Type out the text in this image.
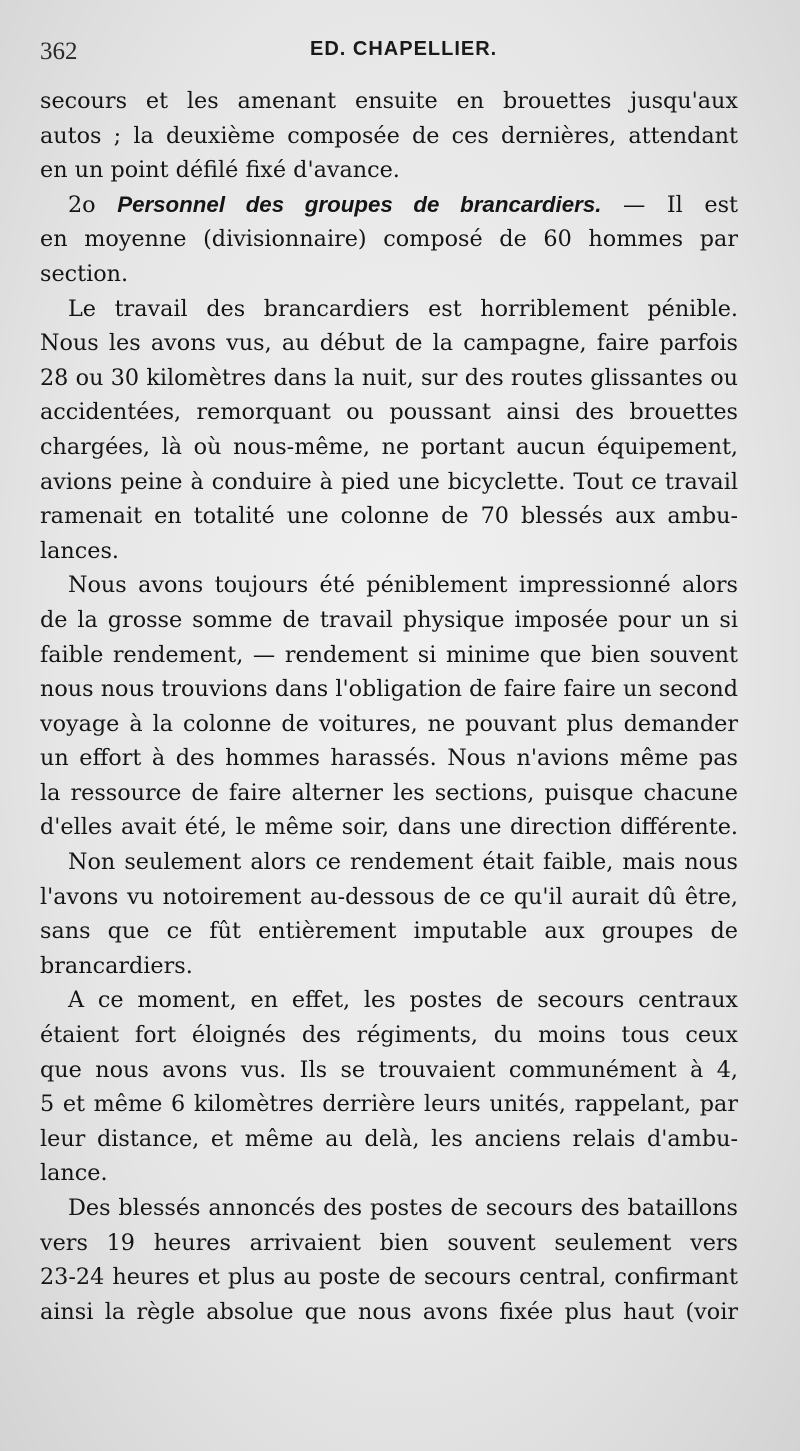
362	ED. CHAPELLIER.
secours et les amenant ensuite en brouettes jusqu'aux
autos ; la deuxième composée de ces dernières, attendant
en un point défilé fixé d'avance.
2o Personnel des groupes de brancardiers. — Il est
en moyenne (divisionnaire) composé de 60 hommes par
section.
Le travail des brancardiers est horriblement pénible.
Nous les avons vus, au début de la campagne, faire parfois
28 ou 30 kilomètres dans la nuit, sur des routes glissantes ou
accidentées, remorquant ou poussant ainsi des brouettes
chargées, là où nous-même, ne portant aucun équipement,
avions peine à conduire à pied une bicyclette. Tout ce travail
ramenait en totalité une colonne de 70 blessés aux ambu-
lances.
Nous avons toujours été péniblement impressionné alors
de la grosse somme de travail physique imposée pour un si
faible rendement, — rendement si minime que bien souvent
nous nous trouvions dans l'obligation de faire faire un second
voyage à la colonne de voitures, ne pouvant plus demander
un effort à des hommes harassés. Nous n'avions même pas
la ressource de faire alterner les sections, puisque chacune
d'elles avait été, le même soir, dans une direction différente.
Non seulement alors ce rendement était faible, mais nous
l'avons vu notoirement au-dessous de ce qu'il aurait dû être,
sans que ce fût entièrement imputable aux groupes de
brancardiers.
A ce moment, en effet, les postes de secours centraux
étaient fort éloignés des régiments, du moins tous ceux
que nous avons vus. Ils se trouvaient communément à 4,
5 et même 6 kilomètres derrière leurs unités, rappelant, par
leur distance, et même au delà, les anciens relais d'ambu-
lance.
Des blessés annoncés des postes de secours des bataillons
vers 19 heures arrivaient bien souvent seulement vers
23-24 heures et plus au poste de secours central, confirmant
ainsi la règle absolue que nous avons fixée plus haut (voir
